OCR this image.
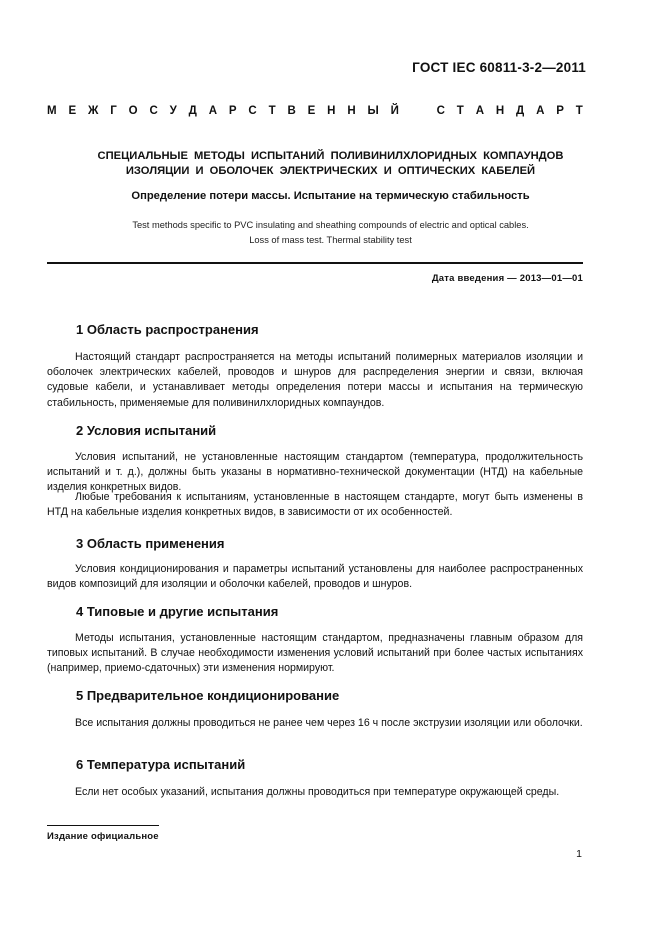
ГОСТ IEC 60811-3-2—2011
М Е Ж Г О С У Д А Р С Т В Е Н Н Ы Й	С Т А Н Д А Р Т
СПЕЦИАЛЬНЫЕ МЕТОДЫ ИСПЫТАНИЙ ПОЛИВИНИЛХЛОРИДНЫХ КОМПАУНДОВ
ИЗОЛЯЦИИ И ОБОЛОЧЕК ЭЛЕКТРИЧЕСКИХ И ОПТИЧЕСКИХ КАБЕЛЕЙ
Определение потери массы. Испытание на термическую стабильность
Test methods specific to PVC insulating and sheathing compounds of electric and optical cables.
Loss of mass test. Thermal stability test
Дата введения — 2013—01—01
1 Область распространения
Настоящий стандарт распространяется на методы испытаний полимерных материалов изоляции и оболочек электрических кабелей, проводов и шнуров для распределения энергии и связи, включая судовые кабели, и устанавливает методы определения потери массы и испытания на термическую стабильность, применяемые для поливинилхлоридных компаундов.
2 Условия испытаний
Условия испытаний, не установленные настоящим стандартом (температура, продолжительность испытаний и т. д.), должны быть указаны в нормативно-технической документации (НТД) на кабельные изделия конкретных видов.
Любые требования к испытаниям, установленные в настоящем стандарте, могут быть изменены в НТД на кабельные изделия конкретных видов, в зависимости от их особенностей.
3 Область применения
Условия кондиционирования и параметры испытаний установлены для наиболее распространенных видов композиций для изоляции и оболочки кабелей, проводов и шнуров.
4 Типовые и другие испытания
Методы испытания, установленные настоящим стандартом, предназначены главным образом для типовых испытаний. В случае необходимости изменения условий испытаний при более частых испытаниях (например, приемо-сдаточных) эти изменения нормируют.
5 Предварительное кондиционирование
Все испытания должны проводиться не ранее чем через 16 ч после экструзии изоляции или оболочки.
6 Температура испытаний
Если нет особых указаний, испытания должны проводиться при температуре окружающей среды.
Издание официальное
1
